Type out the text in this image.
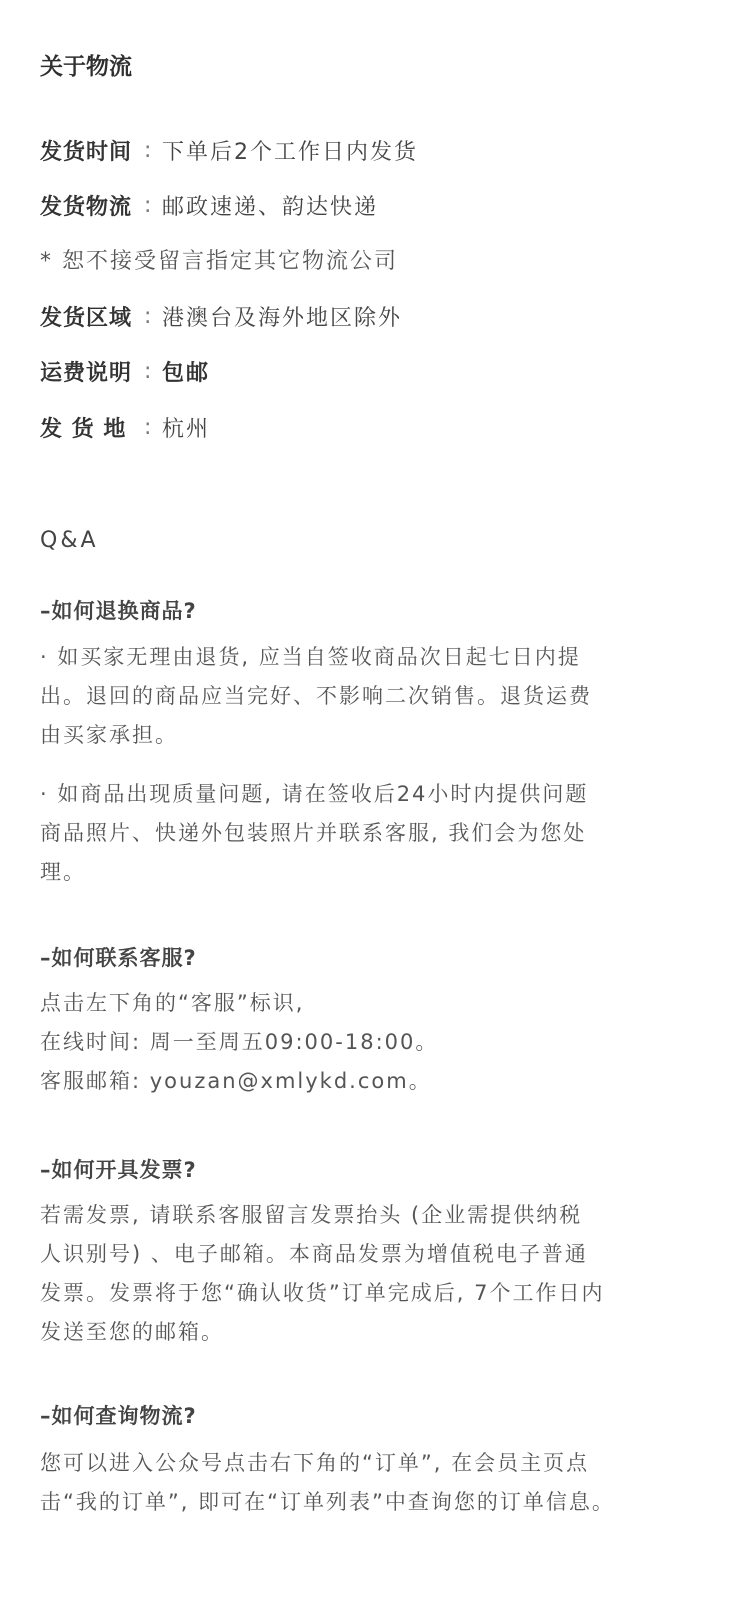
关于物流
发货时间 : 下单后2个工作日内发货
发货物流 : 邮政速递、韵达快递
* 恕不接受留言指定其它物流公司
发货区域 : 港澳台及海外地区除外
运费说明 : 包邮
发 货 地 : 杭州
Q&A
–如何退换商品?

· 如买家无理由退货, 应当自签收商品次日起七日内提
出。退回的商品应当完好、不影响二次销售。退货运费
由买家承担。

· 如商品出现质量问题, 请在签收后24小时内提供问题
商品照片、快递外包装照片并联系客服, 我们会为您处
理。

–如何联系客服?

点击左下角的“客服”标识,
在线时间: 周一至周五09:00-18:00。
客服邮箱: youzan@xmlykd.com。

–如何开具发票?

若需发票, 请联系客服留言发票抬头 (企业需提供纳税
人识别号) 、电子邮箱。本商品发票为增值税电子普通
发票。发票将于您“确认收货”订单完成后, 7个工作日内
发送至您的邮箱。

–如何查询物流?

您可以进入公众号点击右下角的“订单”, 在会员主页点
击“我的订单”, 即可在“订单列表”中查询您的订单信息。
